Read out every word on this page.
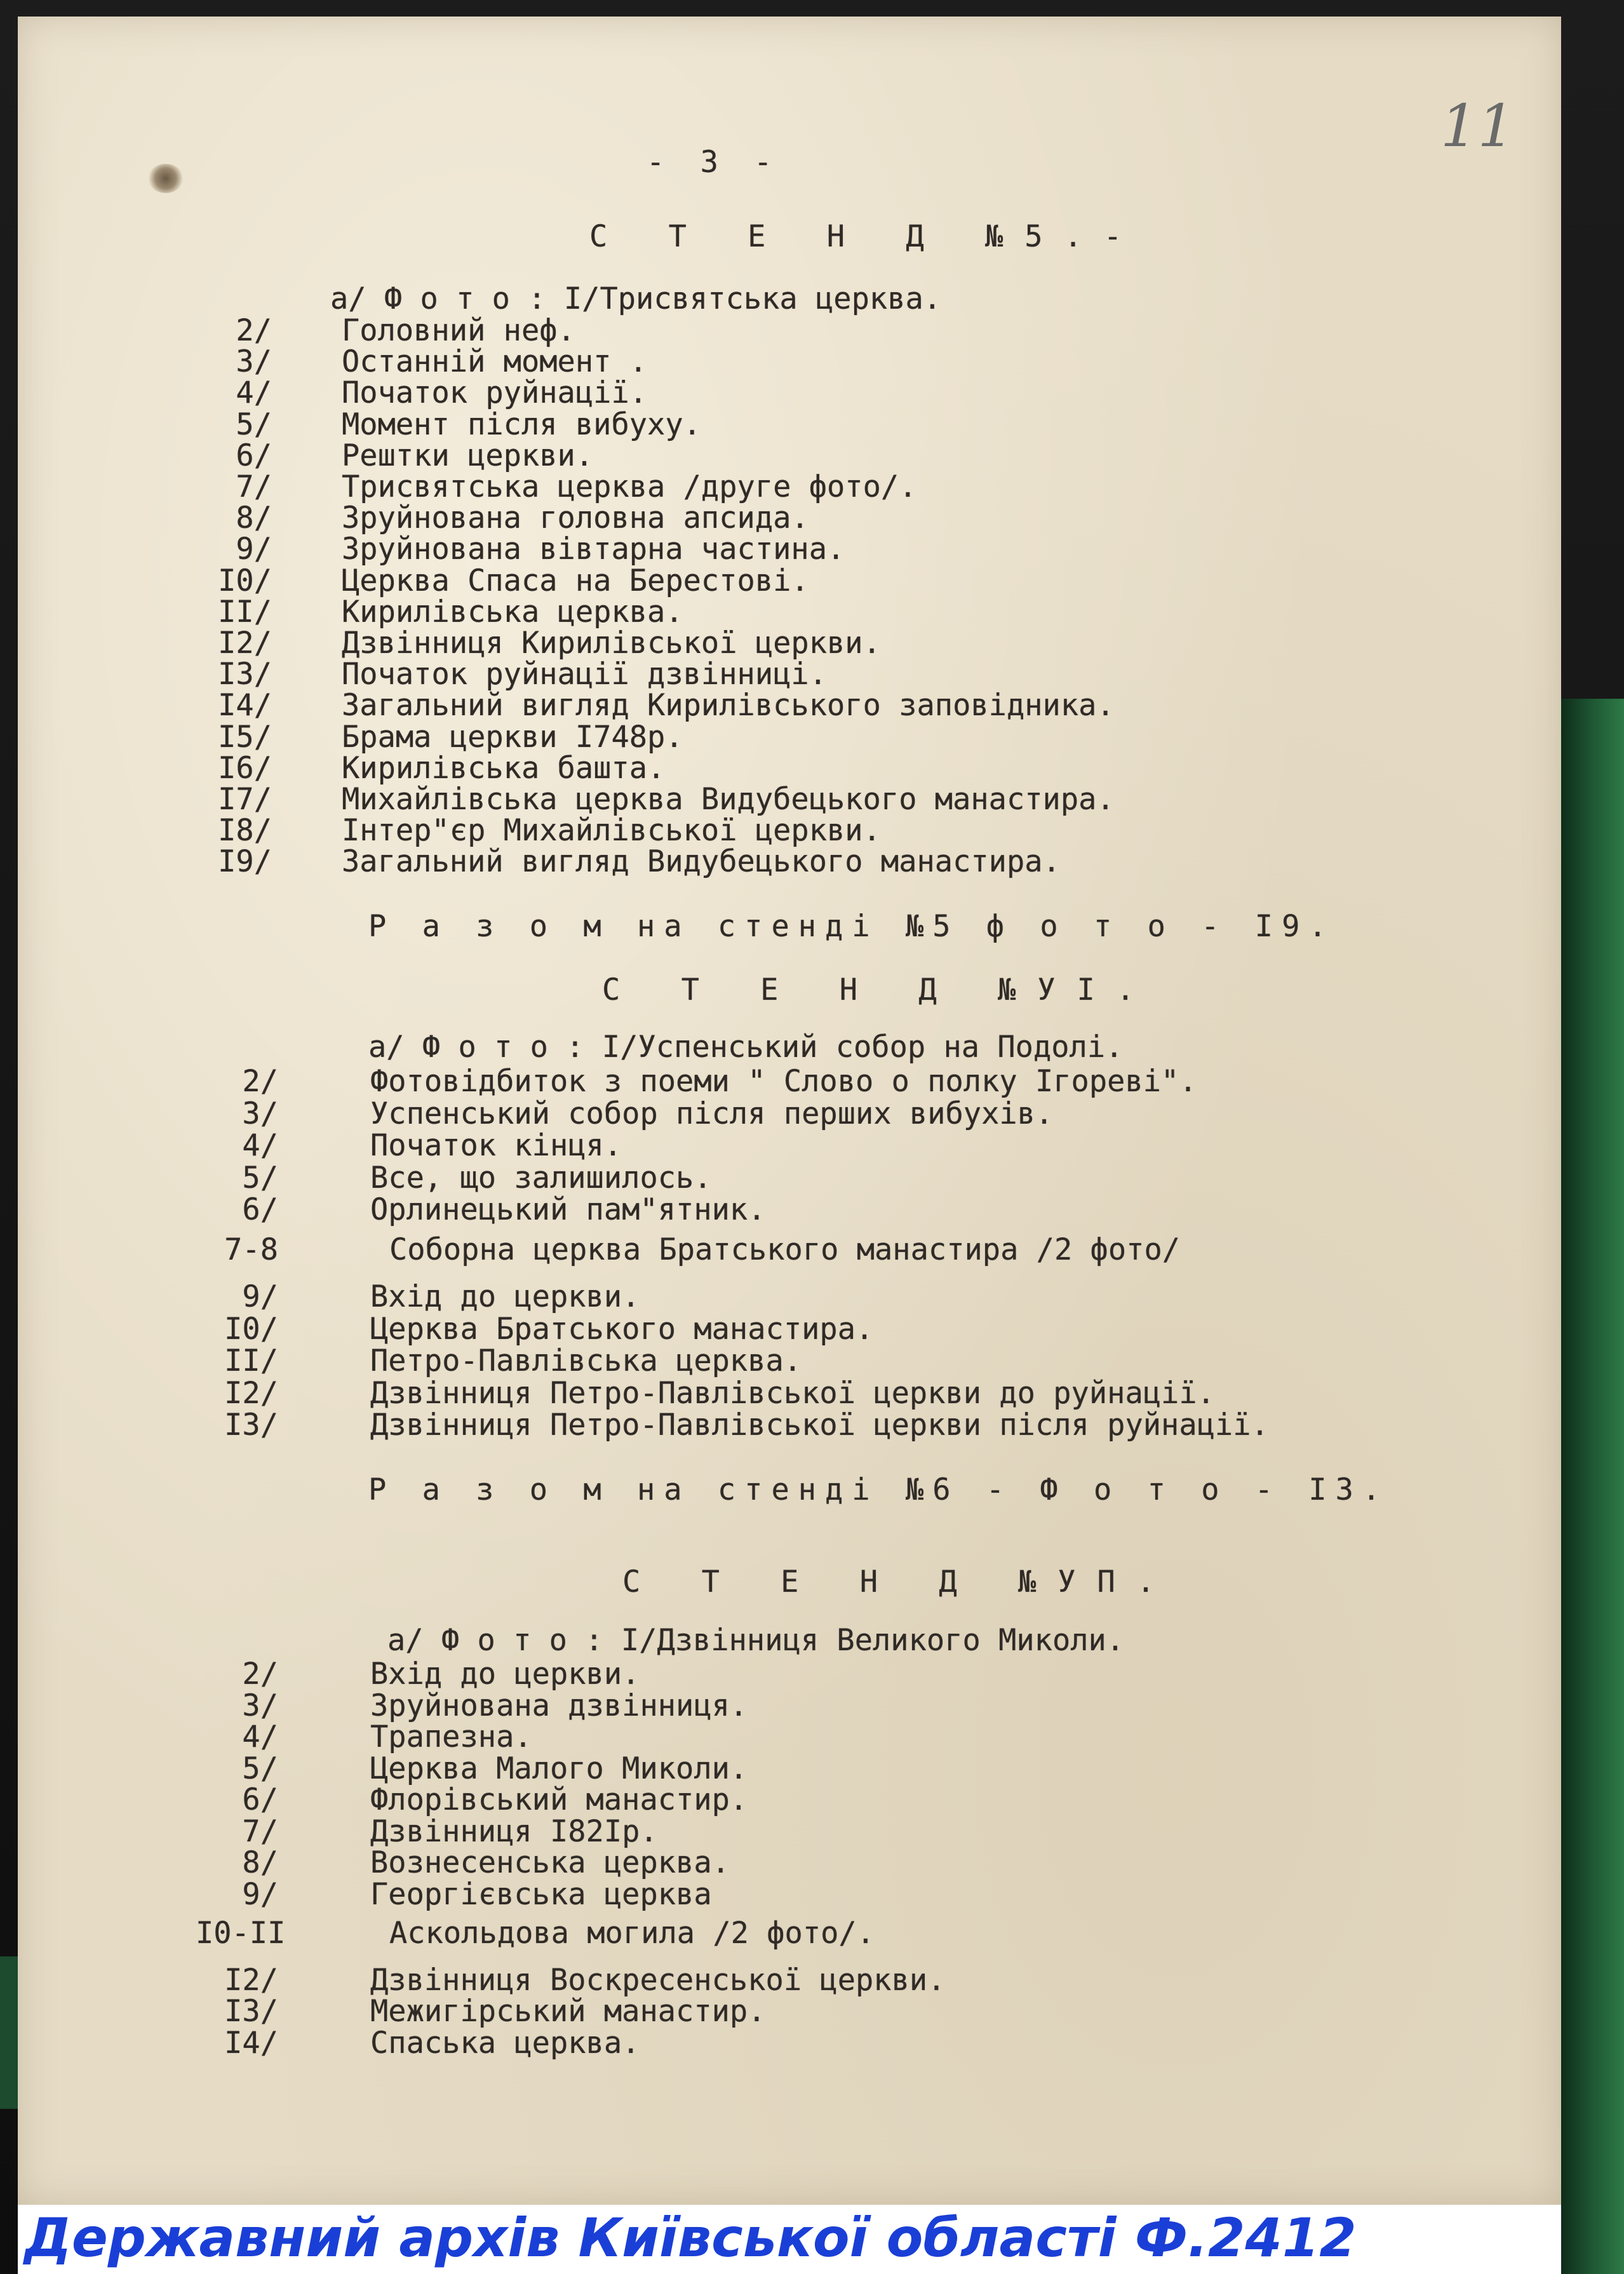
11
- 3 -
С Т Е Н Д №5.-
а/ Ф о т о : І/Трисвятська церква.
2/ Головний неф.
3/ Останній момент .
4/ Початок руйнації.
5/ Момент після вибуху.
6/ Рештки церкви.
7/ Трисвятська церква /друге фото/.
8/ Зруйнована головна апсида.
9/ Зруйнована вівтарна частина.
І0/ Церква Спаса на Берестові.
ІІ/ Кирилівська церква.
І2/ Дзвінниця Кирилівської церкви.
І3/ Початок руйнації дзвінниці.
І4/ Загальний вигляд Кирилівського заповідника.
І5/ Брама церкви І748р.
І6/ Кирилівська башта.
І7/ Михайлівська церква Видубецького манастира.
І8/ Інтер"єр Михайлівської церкви.
І9/ Загальний вигляд Видубецького манастира.
Р а з о м на стенді №5 ф о т о - І9.
С Т Е Н Д №УІ.
а/ Ф о т о : І/Успенський собор на Подолі.
2/	Фотовідбиток з поеми " Слово о полку Ігореві".
3/	Успенський собор після перших вибухів.
4/	Початок кінця.
5/	Все, що залишилось.
6/	Орлинецький пам"ятник.
7-8	Соборна церква Братського манастира /2 фото/
9/	Вхід до церкви.
І0/	Церква Братського манастира.
ІІ/	Петро-Павлівська церква.
І2/	Дзвінниця Петро-Павлівської церкви до руйнації.
І3/	Дзвінниця Петро-Павлівської церкви після руйнації.
Р а з о м на стенді №6 - Ф о т о - І3.
С Т Е Н Д №УП.
а/ Ф о т о : І/Дзвінниця Великого Миколи.
2/	Вхід до церкви.
3/	Зруйнована дзвінниця.
4/	Трапезна.
5/	Церква Малого Миколи.
6/	Флорівський манастир.
7/	Дзвінниця І82Ір.
8/	Вознесенська церква.
9/	Георгієвська церква
І0-ІІ	Аскольдова могила /2 фото/.
І2/	Дзвінниця Воскресенської церкви.
І3/	Межигірський манастир.
І4/	Спаська церква.
Державний архів Київської області Ф.2412
